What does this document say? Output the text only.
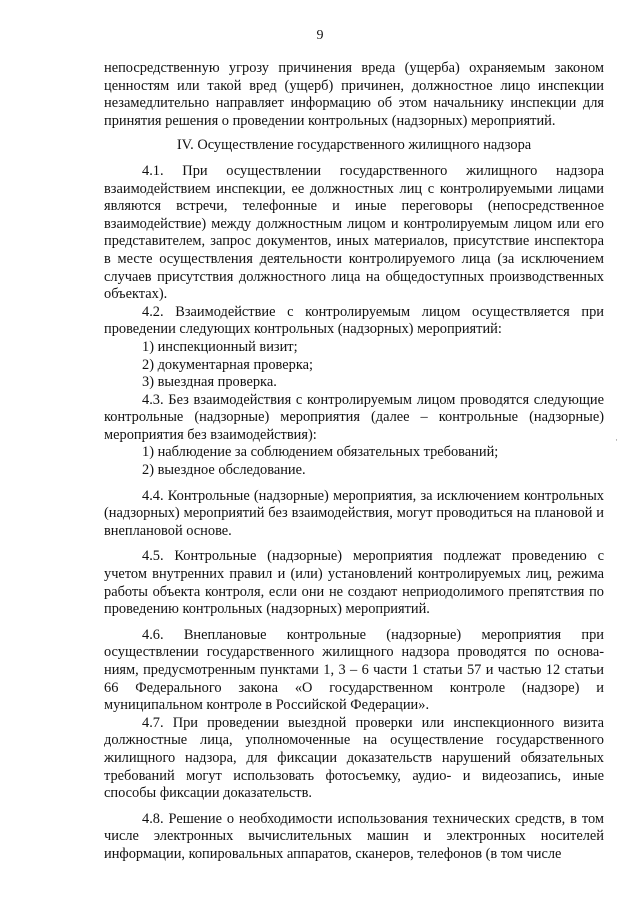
9

непосредственную угрозу причинения вреда (ущерба) охраняемым законом ценностям или такой вред (ущерб) причинен, должностное лицо инспекции незамедлительно направляет информацию об этом начальнику инспекции для принятия решения о проведении контрольных (надзорных) мероприятий.

IV. Осуществление государственного жилищного надзора

4.1. При осуществлении государственного жилищного надзора взаимодействием инспекции, ее должностных лиц с контролируемыми лицами являются встречи, телефонные и иные переговоры (непосредственное взаимодействие) между должностным лицом и контролируемым лицом или его представителем, запрос документов, иных материалов, присутствие инспектора в месте осуществления деятельности контролируемого лица (за исключением случаев присутствия должностного лица на общедоступных производственных объектах).

4.2. Взаимодействие с контролируемым лицом осуществляется при проведении следующих контрольных (надзорных) мероприятий:

1) инспекционный визит;

2) документарная проверка;

3) выездная проверка.

4.3. Без взаимодействия с контролируемым лицом проводятся следующие контрольные (надзорные) мероприятия (далее – контрольные (надзорные) мероприятия без взаимодействия):

1) наблюдение за соблюдением обязательных требований;

2) выездное обследование.

4.4. Контрольные (надзорные) мероприятия, за исключением контрольных (надзорных) мероприятий без взаимодействия, могут проводиться на плановой и внеплановой основе.

4.5. Контрольные (надзорные) мероприятия подлежат проведению с учетом внутренних правил и (или) установлений контролируемых лиц, режима работы объекта контроля, если они не создают неприодолимого препятствия по проведению контрольных (надзорных) мероприятий.

4.6. Внеплановые контрольные (надзорные) мероприятия при осуществлении государственного жилищного надзора проводятся по основаниям, предусмотренным пунктами 1, 3 – 6 части 1 статьи 57 и частью 12 статьи 66 Федерального закона «О государственном контроле (надзоре) и муниципальном контроле в Российской Федерации».

4.7. При проведении выездной проверки или инспекционного визита должностные лица, уполномоченные на осуществление государственного жилищного надзора, для фиксации доказательств нарушений обязательных требований могут использовать фотосъемку, аудио- и видеозапись, иные способы фиксации доказательств.

4.8. Решение о необходимости использования технических средств, в том числе электронных вычислительных машин и электронных носителей информации, копировальных аппаратов, сканеров, телефонов (в том числе

·
